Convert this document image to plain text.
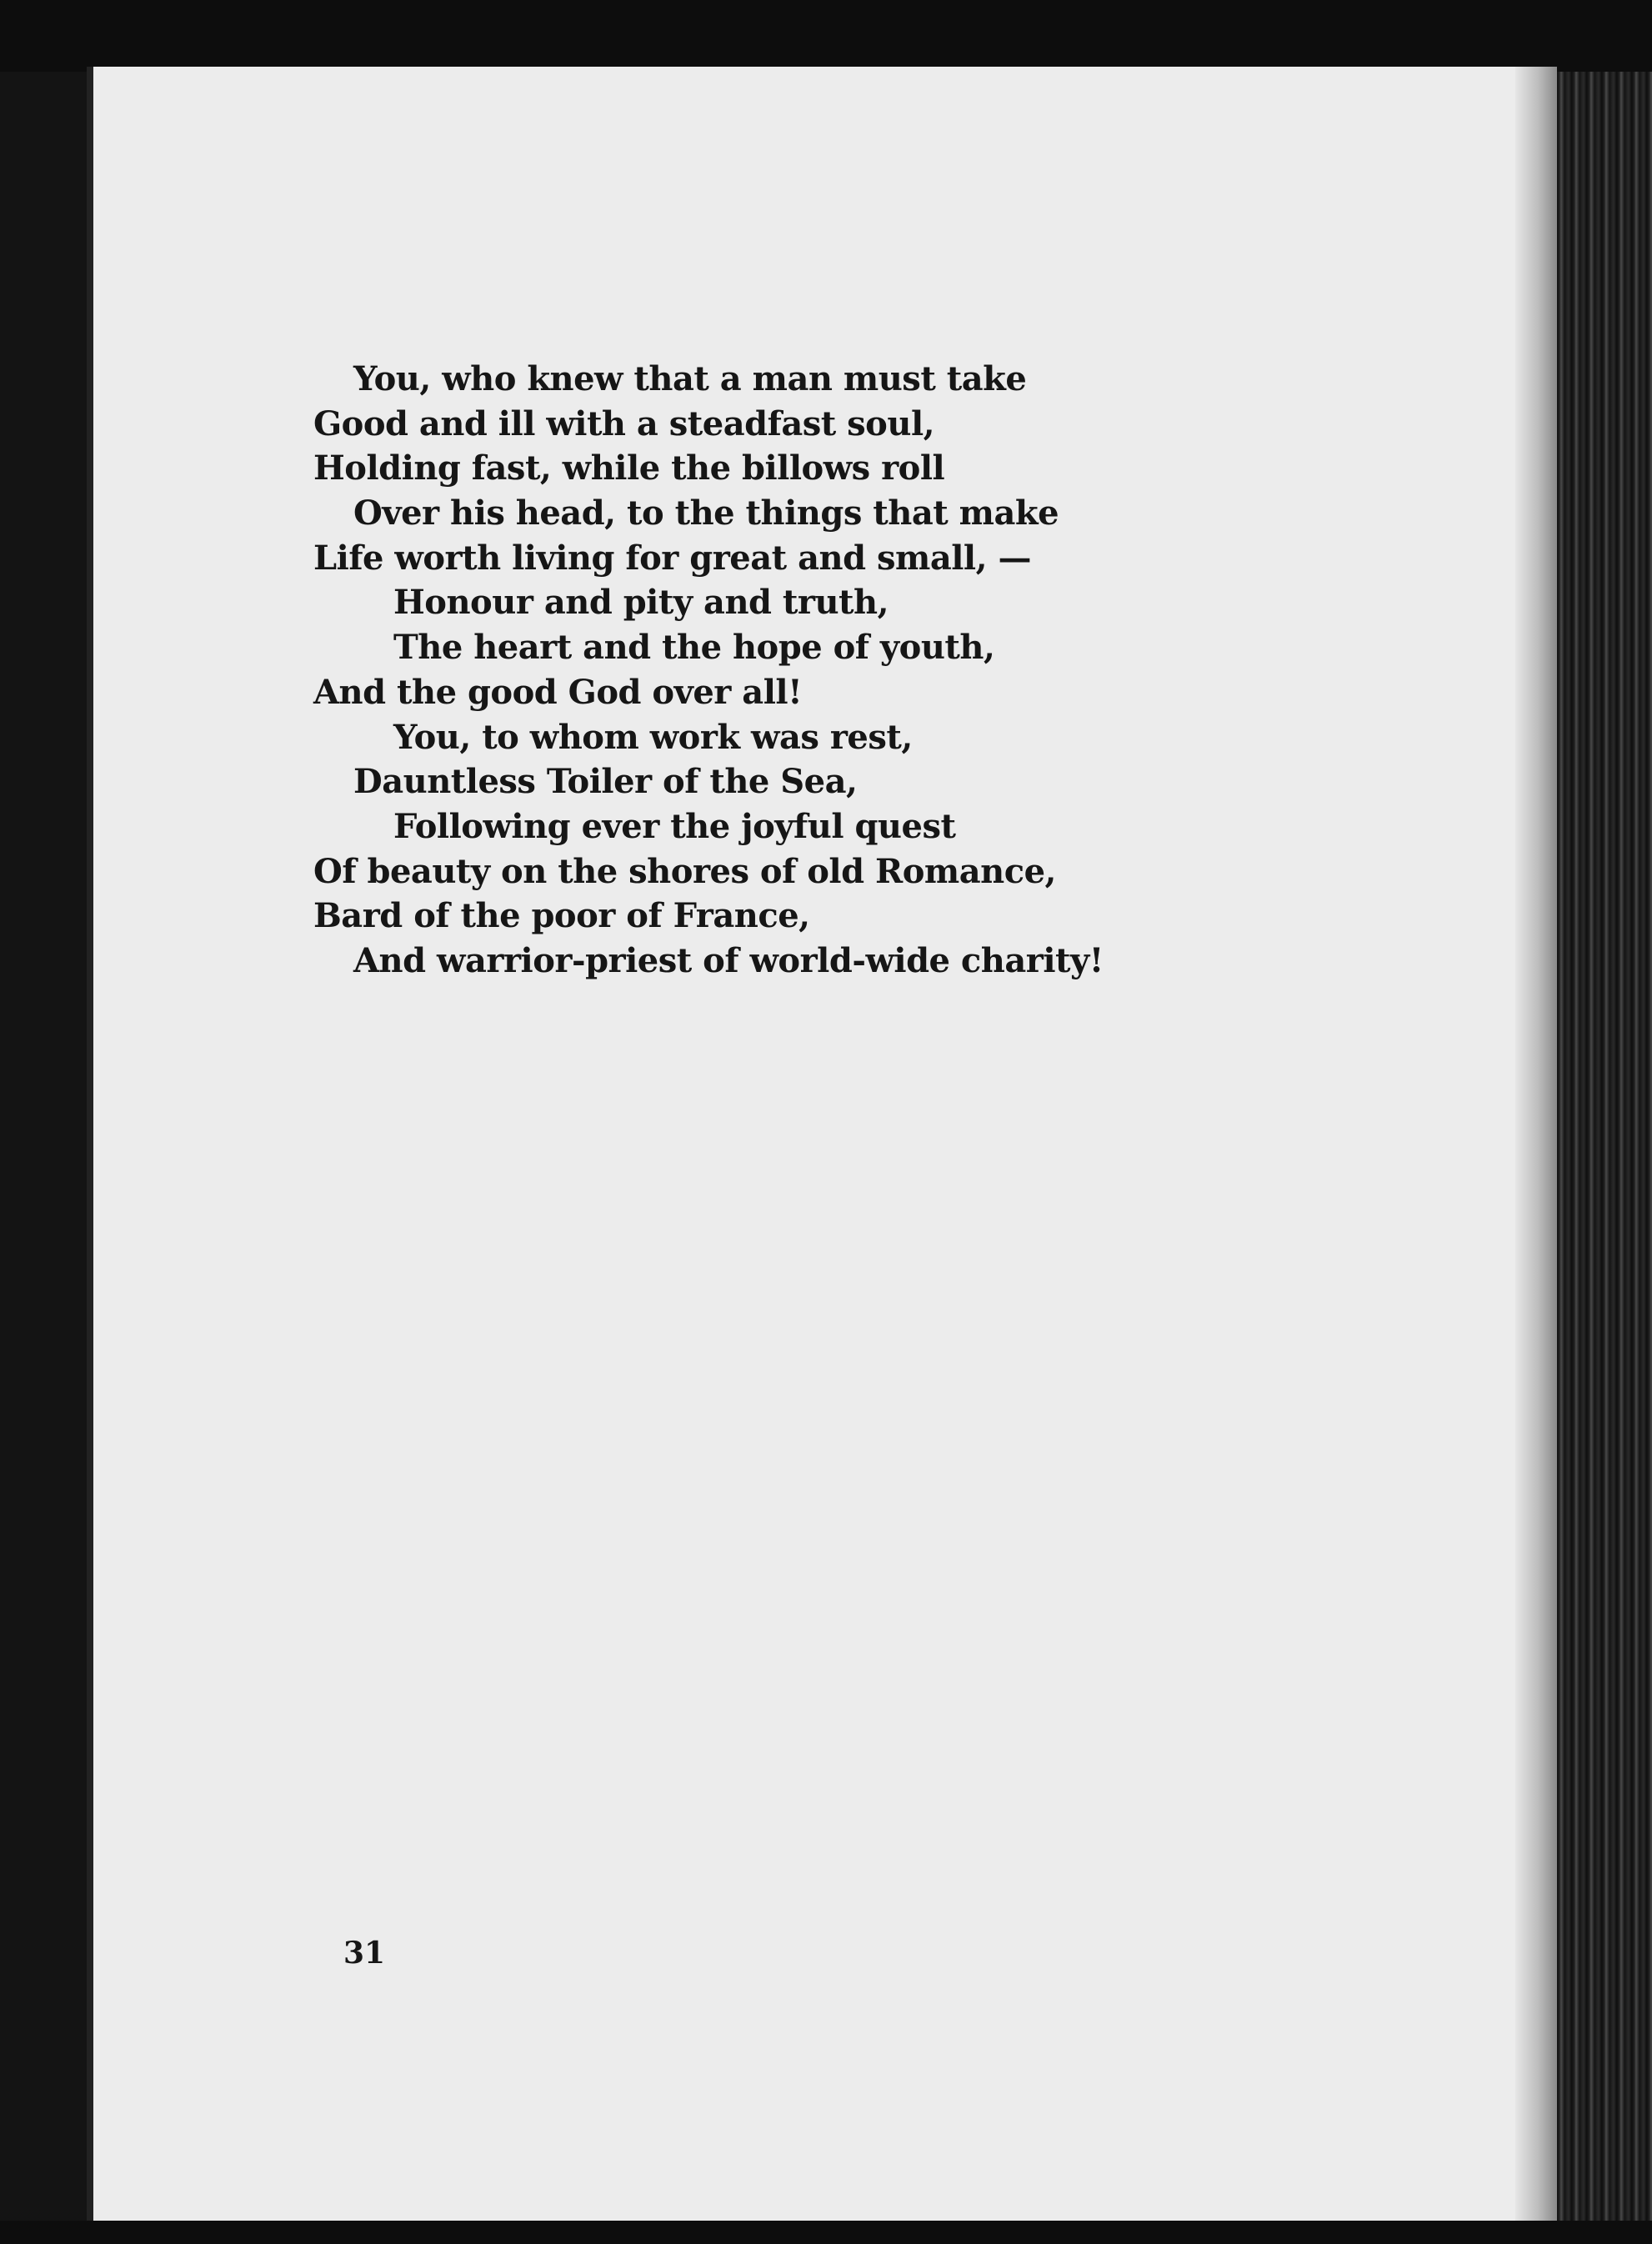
You, who knew that a man must take
Good and ill with a steadfast soul,
Holding fast, while the billows roll
Over his head, to the things that make
Life worth living for great and small, —
Honour and pity and truth,
The heart and the hope of youth,
And the good God over all!
You, to whom work was rest,
Dauntless Toiler of the Sea,
Following ever the joyful quest
Of beauty on the shores of old Romance,
Bard of the poor of France,
And warrior-priest of world-wide charity!
31
